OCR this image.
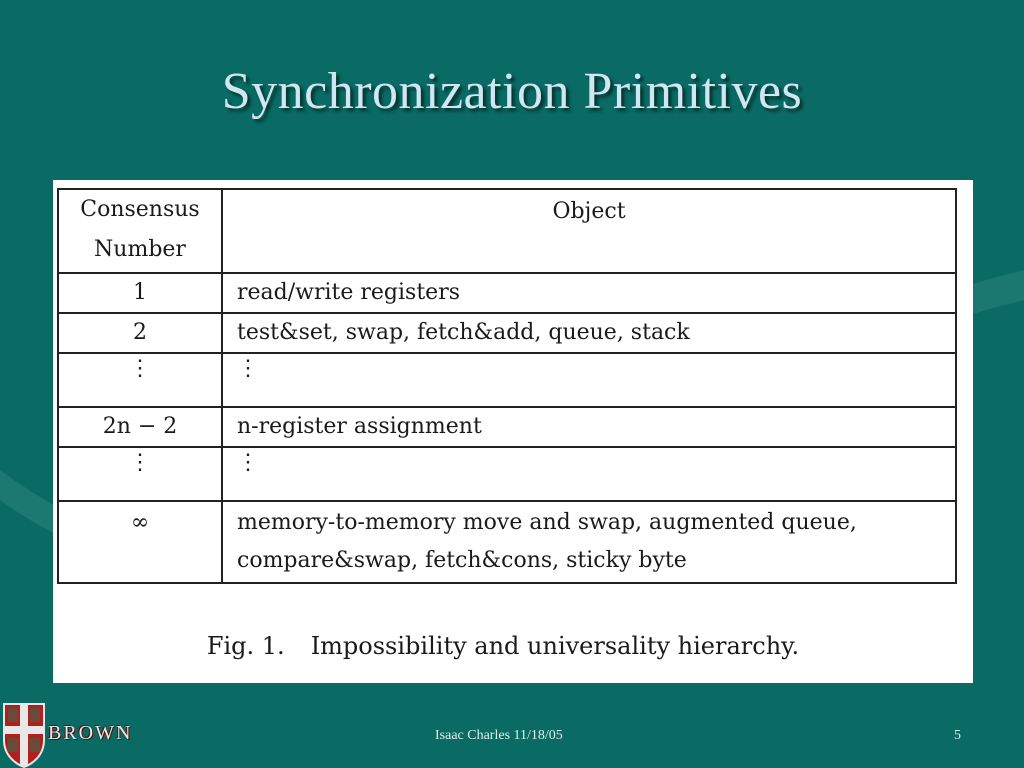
Synchronization Primitives
Consensus Number	Object
1	read/write registers
2	test&set, swap, fetch&add, queue, stack
⋮	⋮
2n − 2	n-register assignment
⋮	⋮
∞	memory-to-memory move and swap, augmented queue, compare&swap, fetch&cons, sticky byte
Fig. 1. Impossibility and universality hierarchy.
BROWN	Isaac Charles 11/18/05	5
